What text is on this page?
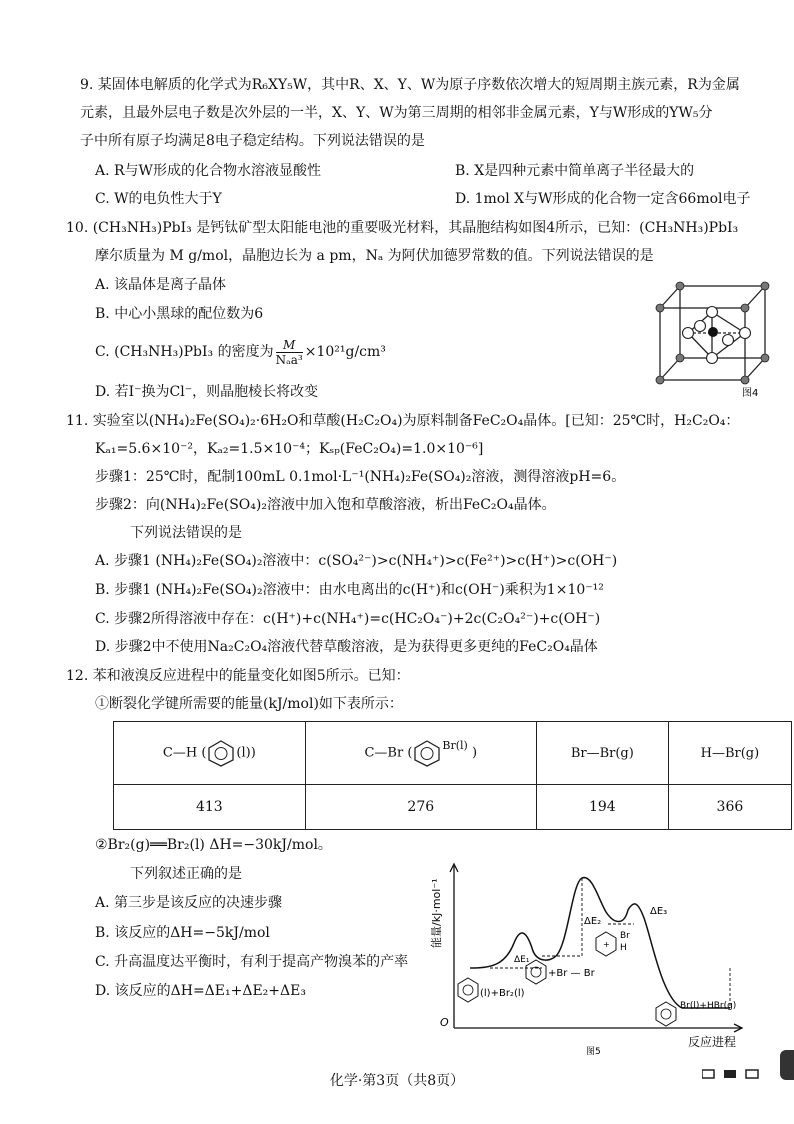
9. 某固体电解质的化学式为R₆XY₅W，其中R、X、Y、W为原子序数依次增大的短周期主族元素，R为金属
元素，且最外层电子数是次外层的一半，X、Y、W为第三周期的相邻非金属元素，Y与W形成的YW₅分
子中所有原子均满足8电子稳定结构。下列说法错误的是
A. R与W形成的化合物水溶液显酸性	B. X是四种元素中简单离子半径最大的
C. W的电负性大于Y	D. 1mol X与W形成的化合物一定含66mol电子
10. (CH₃NH₃)PbI₃ 是钙钛矿型太阳能电池的重要吸光材料，其晶胞结构如图4所示，已知：(CH₃NH₃)PbI₃
摩尔质量为 M g/mol，晶胞边长为 a pm，Nₐ 为阿伏加德罗常数的值。下列说法错误的是
A. 该晶体是离子晶体
B. 中心小黑球的配位数为6
C. (CH₃NH₃)PbI₃ 的密度为 $\frac{M}{\text{Nₐa³}} \times 10^{21}g/cm^3$
D. 若I⁻换为Cl⁻，则晶胞棱长将改变	图4
11. 实验室以(NH₄)₂Fe(SO₄)₂·6H₂O和草酸(H₂C₂O₄)为原料制备FeC₂O₄晶体。[已知：25℃时，H₂C₂O₄：
Kₐ₁=5.6×10⁻²，Kₐ₂=1.5×10⁻⁴；Kₛₚ(FeC₂O₄)=1.0×10⁻⁶]
步骤1：25℃时，配制100mL 0.1mol·L⁻¹(NH₄)₂Fe(SO₄)₂溶液，测得溶液pH=6。
步骤2：向(NH₄)₂Fe(SO₄)₂溶液中加入饱和草酸溶液，析出FeC₂O₄晶体。
下列说法错误的是
A. 步骤1 (NH₄)₂Fe(SO₄)₂溶液中：c(SO₄²⁻)>c(NH₄⁺)>c(Fe²⁺)>c(H⁺)>c(OH⁻)
B. 步骤1 (NH₄)₂Fe(SO₄)₂溶液中：由水电离出的c(H⁺)和c(OH⁻)乘积为1×10⁻¹²
C. 步骤2所得溶液中存在：c(H⁺)+c(NH₄⁺)=c(HC₂O₄⁻)+2c(C₂O₄²⁻)+c(OH⁻)
D. 步骤2中不使用Na₂C₂O₄溶液代替草酸溶液，是为获得更多更纯的FeC₂O₄晶体
12. 苯和液溴反应进程中的能量变化如图5所示。已知：
①断裂化学键所需要的能量(kJ/mol)如下表所示：
C—H ( (l))	C—Br ( $^{Br(l)}$ )	Br—Br(g)	H—Br(g)
413	276	194	366
②Br₂(g)══Br₂(l) ΔH=−30kJ/mol。
下列叙述正确的是
A. 第三步是该反应的决速步骤
B. 该反应的ΔH=−5kJ/mol
C. 升高温度达平衡时，有利于提高产物溴苯的产率
D. 该反应的ΔH=ΔE₁+ΔE₂+ΔE₃
能量/kJ·mol⁻¹
O
ΔE₁
ΔE₂
ΔE₃
(l)+Br₂(l)
+Br — Br
+
Br
H
Br(l)+HBr(g)
反应进程
图5
化学·第3页（共8页）
